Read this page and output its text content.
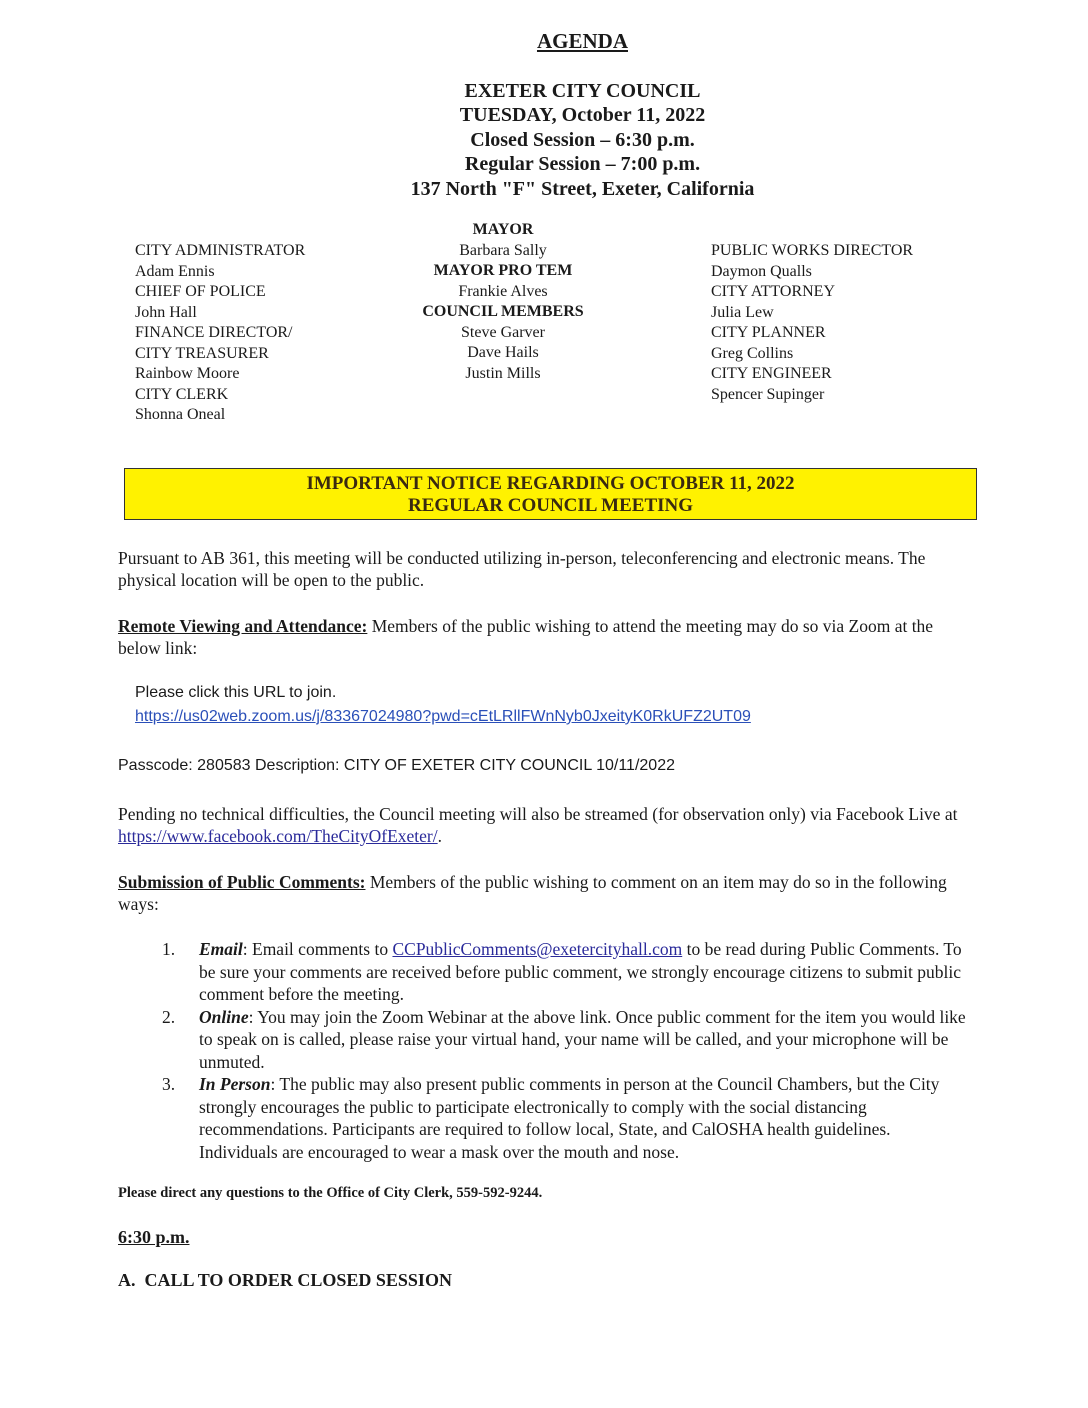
AGENDA
EXETER CITY COUNCIL
TUESDAY, October 11, 2022
Closed Session – 6:30 p.m.
Regular Session – 7:00 p.m.
137 North "F" Street, Exeter, California
CITY ADMINISTRATOR
Adam Ennis
CHIEF OF POLICE
John Hall
FINANCE DIRECTOR/
CITY TREASURER
Rainbow Moore
CITY CLERK
Shonna Oneal
MAYOR
Barbara Sally
MAYOR PRO TEM
Frankie Alves
COUNCIL MEMBERS
Steve Garver
Dave Hails
Justin Mills
PUBLIC WORKS DIRECTOR
Daymon Qualls
CITY ATTORNEY
Julia Lew
CITY PLANNER
Greg Collins
CITY ENGINEER
Spencer Supinger
IMPORTANT NOTICE REGARDING OCTOBER 11, 2022
REGULAR COUNCIL MEETING
Pursuant to AB 361, this meeting will be conducted utilizing in-person, teleconferencing and electronic means. The physical location will be open to the public.
Remote Viewing and Attendance: Members of the public wishing to attend the meeting may do so via Zoom at the below link:
Please click this URL to join.
https://us02web.zoom.us/j/83367024980?pwd=cEtLRllFWnNyb0JxeityK0RkUFZ2UT09
Passcode: 280583 Description: CITY OF EXETER CITY COUNCIL 10/11/2022
Pending no technical difficulties, the Council meeting will also be streamed (for observation only) via Facebook Live at https://www.facebook.com/TheCityOfExeter/.
Submission of Public Comments: Members of the public wishing to comment on an item may do so in the following ways:
1. Email: Email comments to CCPublicComments@exetercityhall.com to be read during Public Comments. To be sure your comments are received before public comment, we strongly encourage citizens to submit public comment before the meeting.
2. Online: You may join the Zoom Webinar at the above link. Once public comment for the item you would like to speak on is called, please raise your virtual hand, your name will be called, and your microphone will be unmuted.
3. In Person: The public may also present public comments in person at the Council Chambers, but the City strongly encourages the public to participate electronically to comply with the social distancing recommendations. Participants are required to follow local, State, and CalOSHA health guidelines. Individuals are encouraged to wear a mask over the mouth and nose.
Please direct any questions to the Office of City Clerk, 559-592-9244.
6:30 p.m.
A.  CALL TO ORDER CLOSED SESSION
